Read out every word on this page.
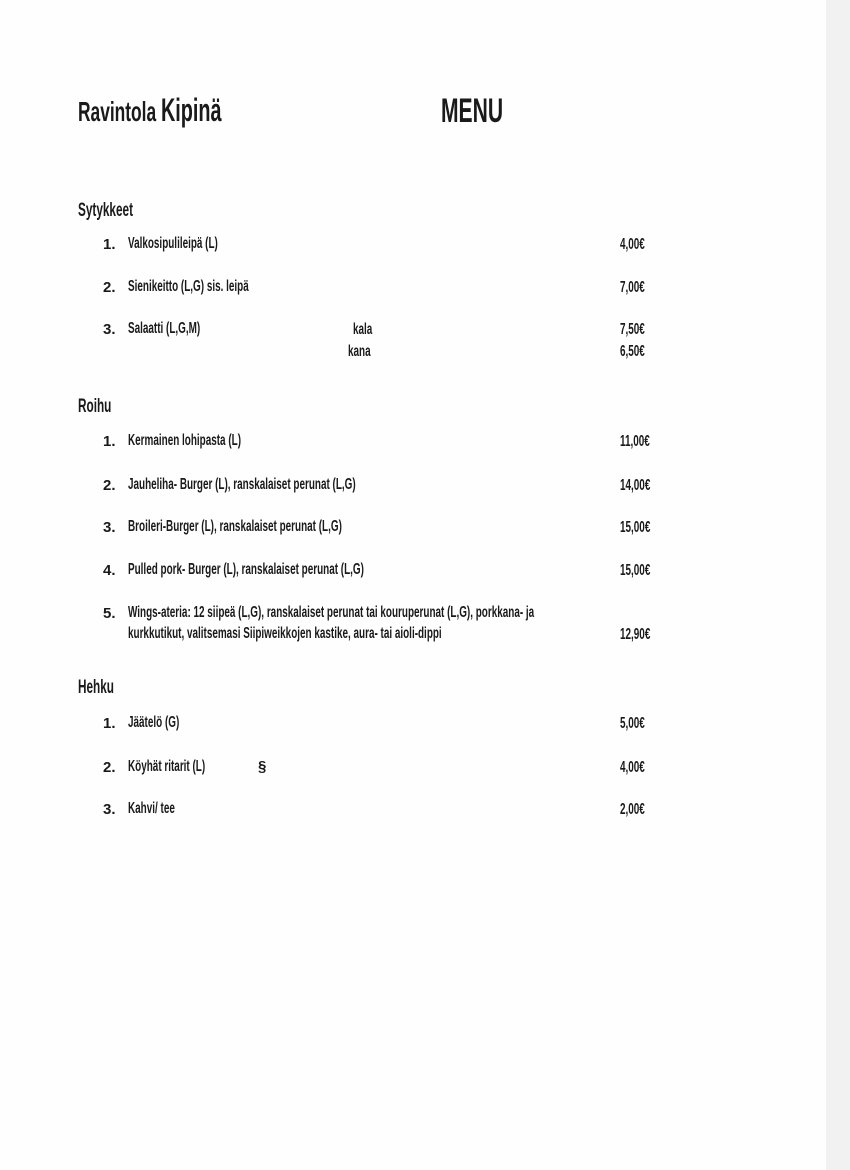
Ravintola Kipinä	MENU
Sytykkeet
1. Valkosipulileipä (L)	4,00€
2. Sienikeitto (L,G) sis. leipä	7,00€
3. Salaatti (L,G,M)	kala	7,50€
kana	6,50€
Roihu
1. Kermainen lohipasta (L)	11,00€
2. Jauheliha- Burger (L), ranskalaiset perunat (L,G)	14,00€
3. Broileri-Burger (L), ranskalaiset perunat (L,G)	15,00€
4. Pulled pork- Burger (L), ranskalaiset perunat (L,G)	15,00€
5. Wings-ateria: 12 siipeä (L,G), ranskalaiset perunat tai kouruperunat (L,G), porkkana- ja
kurkkutikut, valitsemasi Siipiweikkojen kastike, aura- tai aioli-dippi	12,90€
Hehku
1. Jäätelö (G)	5,00€
2. Köyhät ritarit (L)	§	4,00€
3. Kahvi/ tee	2,00€
